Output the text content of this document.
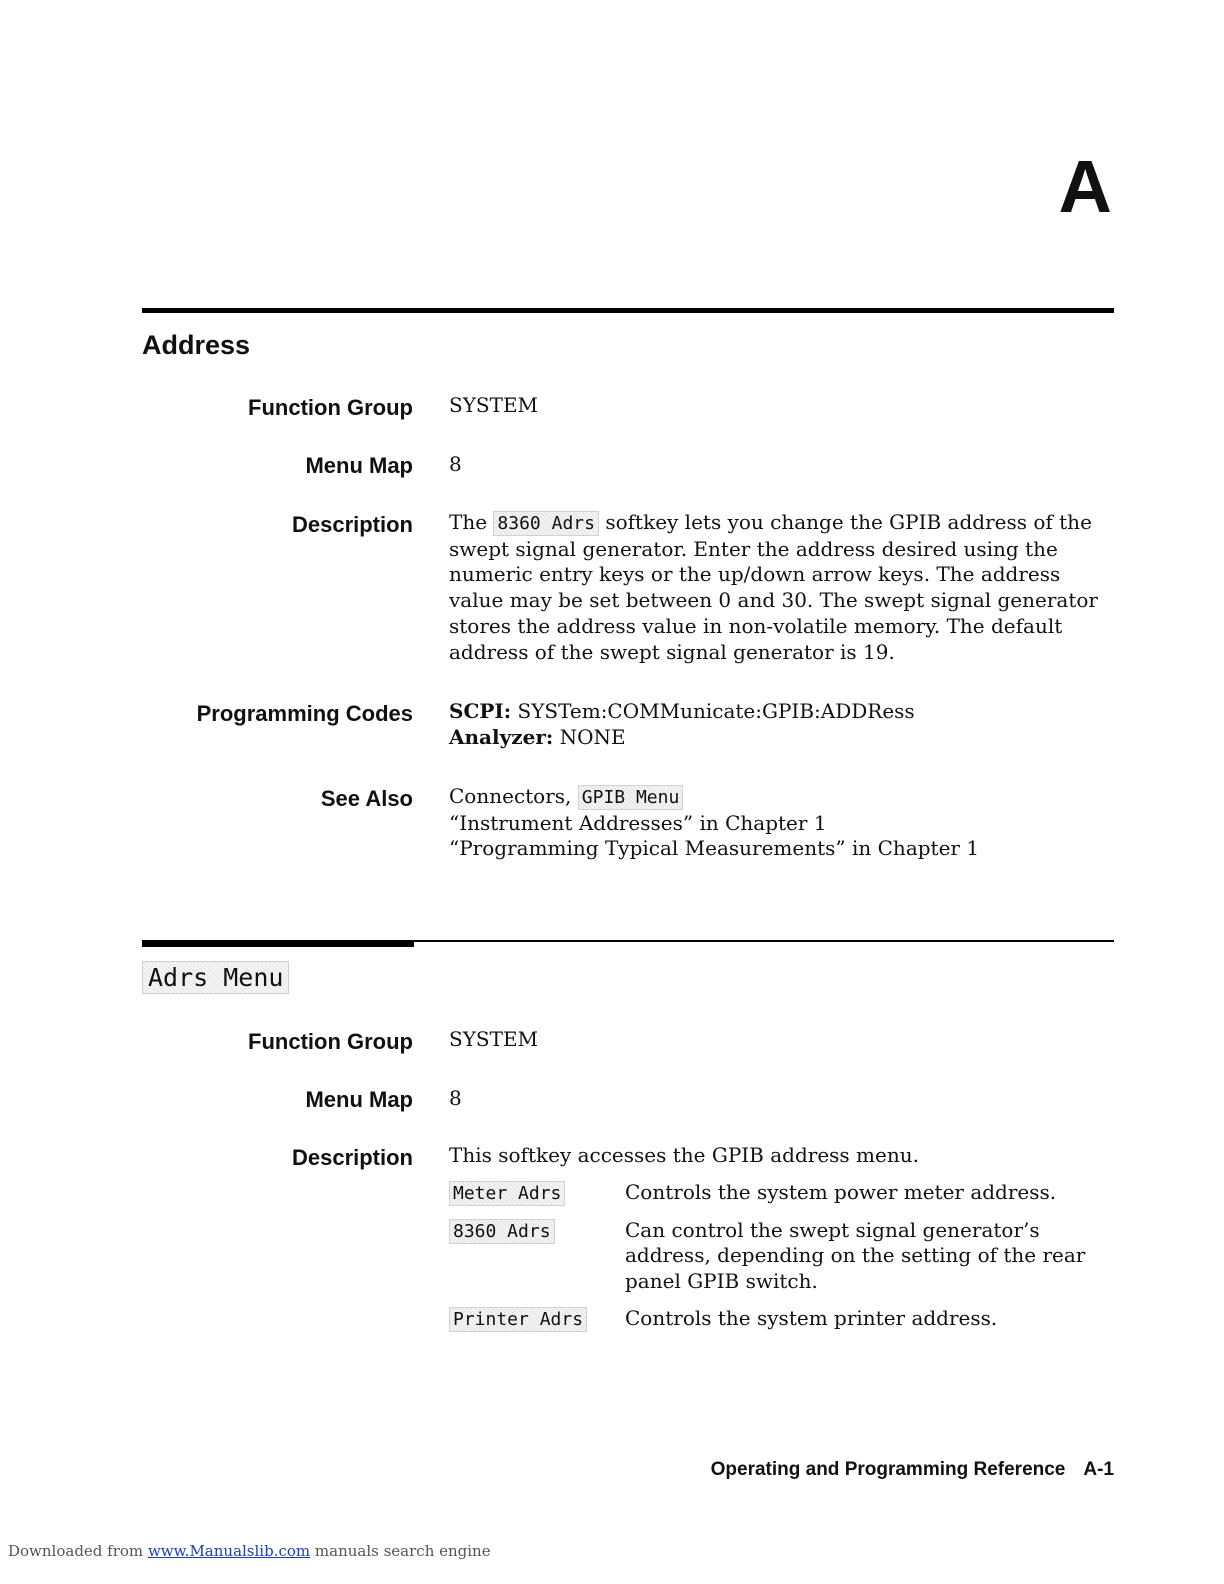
A
Address
Function Group SYSTEM
Menu Map 8
Description The 8360 Adrs softkey lets you change the GPIB address of the swept signal generator. Enter the address desired using the numeric entry keys or the up/down arrow keys. The address value may be set between 0 and 30. The swept signal generator stores the address value in non-volatile memory. The default address of the swept signal generator is 19.
Programming Codes SCPI: SYSTem:COMMunicate:GPIB:ADDRess
Analyzer: NONE
See Also Connectors, GPIB Menu
“Instrument Addresses” in Chapter 1
“Programming Typical Measurements” in Chapter 1
Adrs Menu
Function Group SYSTEM
Menu Map 8
Description This softkey accesses the GPIB address menu.
Meter Adrs	Controls the system power meter address.
8360 Adrs	Can control the swept signal generator’s address, depending on the setting of the rear panel GPIB switch.
Printer Adrs	Controls the system printer address.
Operating and Programming Reference A-1
Downloaded from www.Manualslib.com manuals search engine
